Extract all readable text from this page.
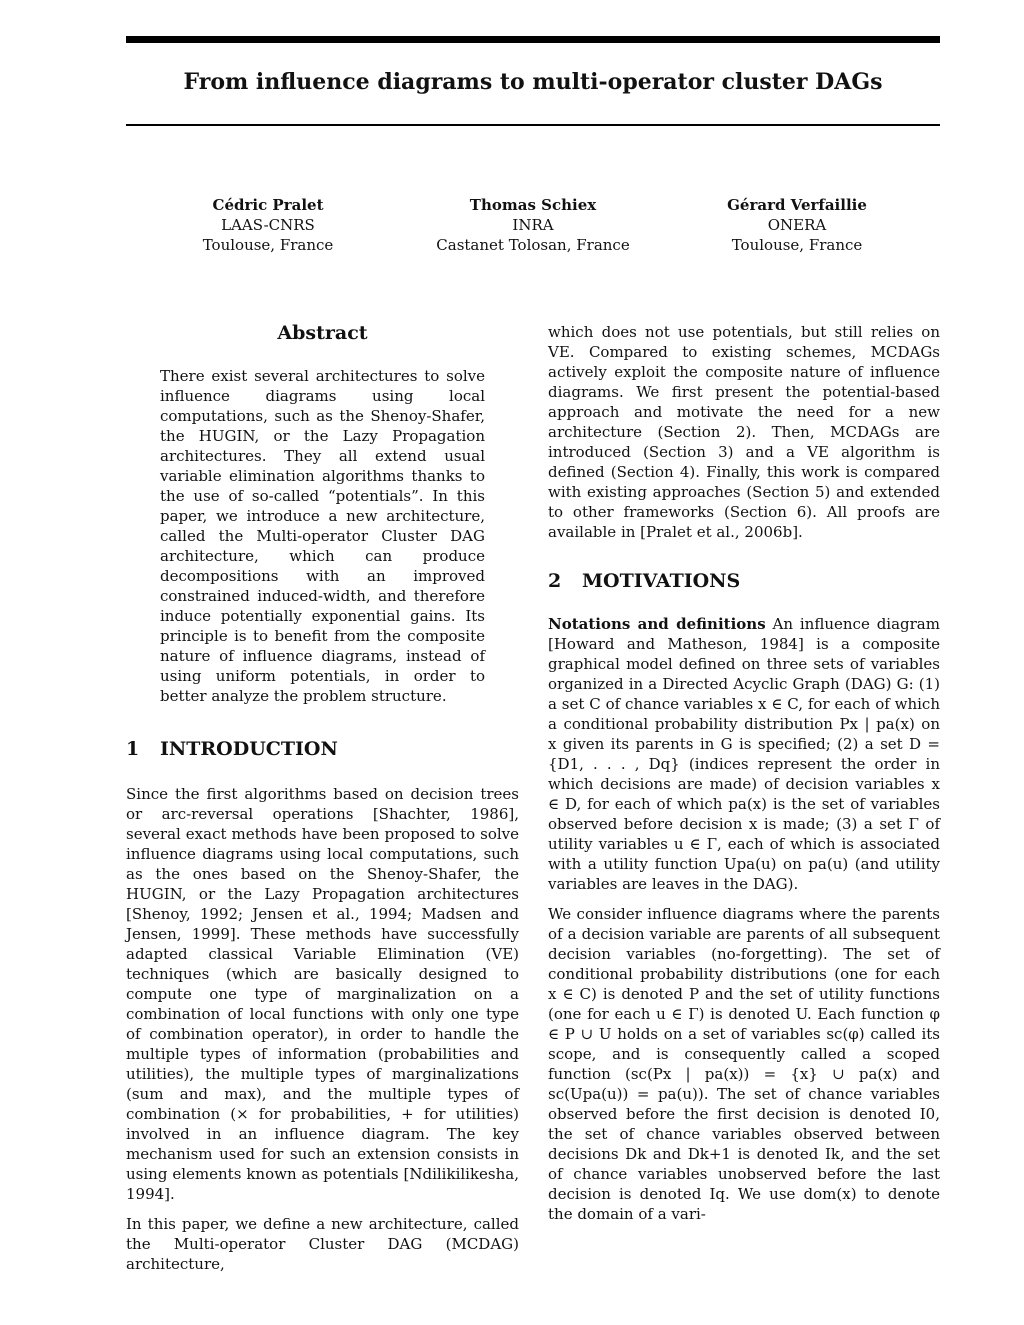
From influence diagrams to multi-operator cluster DAGs
Cédric Pralet
LAAS-CNRS
Toulouse, France
Thomas Schiex
INRA
Castanet Tolosan, France
Gérard Verfaillie
ONERA
Toulouse, France
Abstract

There exist several architectures to solve influence diagrams using local computations, such as the Shenoy-Shafer, the HUGIN, or the Lazy Propagation architectures. They all extend usual variable elimination algorithms thanks to the use of so-called “potentials”. In this paper, we introduce a new architecture, called the Multi-operator Cluster DAG architecture, which can produce decompositions with an improved constrained induced-width, and therefore induce potentially exponential gains. Its principle is to benefit from the composite nature of influence diagrams, instead of using uniform potentials, in order to better analyze the problem structure.

1 INTRODUCTION

Since the first algorithms based on decision trees or arc-reversal operations [Shachter, 1986], several exact methods have been proposed to solve influence diagrams using local computations, such as the ones based on the Shenoy-Shafer, the HUGIN, or the Lazy Propagation architectures [Shenoy, 1992; Jensen et al., 1994; Madsen and Jensen, 1999]. These methods have successfully adapted classical Variable Elimination (VE) techniques (which are basically designed to compute one type of marginalization on a combination of local functions with only one type of combination operator), in order to handle the multiple types of information (probabilities and utilities), the multiple types of marginalizations (sum and max), and the multiple types of combination (× for probabilities, + for utilities) involved in an influence diagram. The key mechanism used for such an extension consists in using elements known as potentials [Ndilikilikesha, 1994].

In this paper, we define a new architecture, called the Multi-operator Cluster DAG (MCDAG) architecture,

which does not use potentials, but still relies on VE. Compared to existing schemes, MCDAGs actively exploit the composite nature of influence diagrams. We first present the potential-based approach and motivate the need for a new architecture (Section 2). Then, MCDAGs are introduced (Section 3) and a VE algorithm is defined (Section 4). Finally, this work is compared with existing approaches (Section 5) and extended to other frameworks (Section 6). All proofs are available in [Pralet et al., 2006b].

2 MOTIVATIONS

Notations and definitions An influence diagram [Howard and Matheson, 1984] is a composite graphical model defined on three sets of variables organized in a Directed Acyclic Graph (DAG) G: (1) a set C of chance variables x ∈ C, for each of which a conditional probability distribution Px | pa(x) on x given its parents in G is specified; (2) a set D = {D1, . . . , Dq} (indices represent the order in which decisions are made) of decision variables x ∈ D, for each of which pa(x) is the set of variables observed before decision x is made; (3) a set Γ of utility variables u ∈ Γ, each of which is associated with a utility function Upa(u) on pa(u) (and utility variables are leaves in the DAG).

We consider influence diagrams where the parents of a decision variable are parents of all subsequent decision variables (no-forgetting). The set of conditional probability distributions (one for each x ∈ C) is denoted P and the set of utility functions (one for each u ∈ Γ) is denoted U. Each function φ ∈ P ∪ U holds on a set of variables sc(φ) called its scope, and is consequently called a scoped function (sc(Px | pa(x)) = {x} ∪ pa(x) and sc(Upa(u)) = pa(u)). The set of chance variables observed before the first decision is denoted I0, the set of chance variables observed between decisions Dk and Dk+1 is denoted Ik, and the set of chance variables unobserved before the last decision is denoted Iq. We use dom(x) to denote the domain of a vari-
